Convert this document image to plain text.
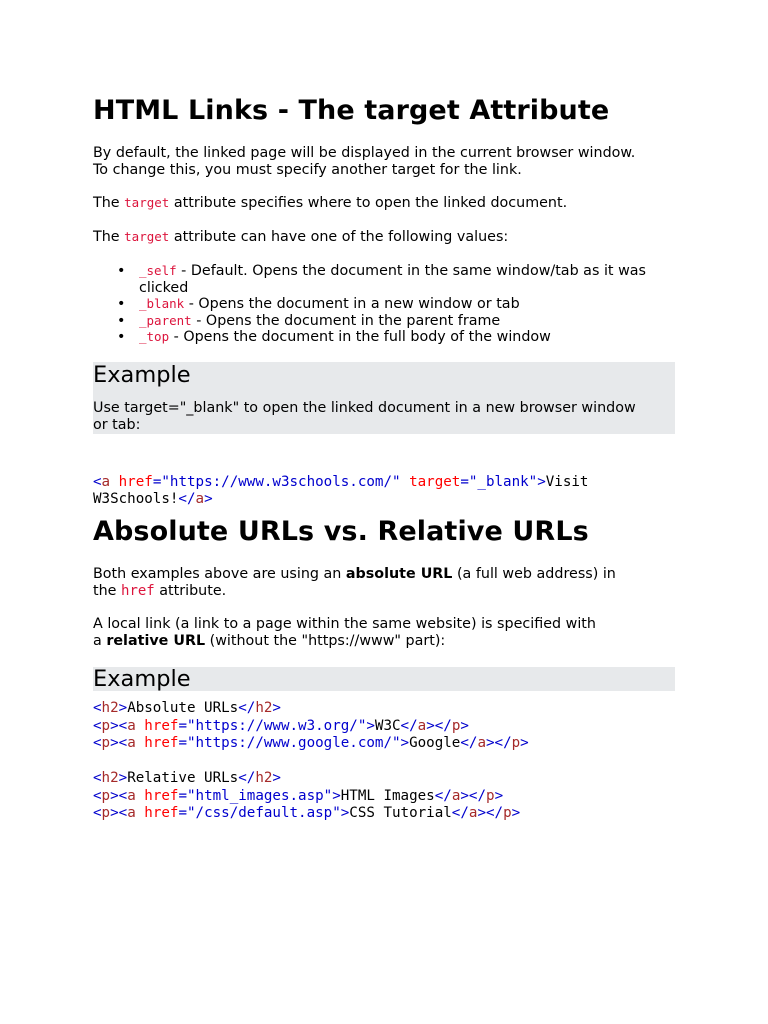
HTML Links - The target Attribute

By default, the linked page will be displayed in the current browser window.

To change this, you must specify another target for the link.

The target attribute specifies where to open the linked document.

The target attribute can have one of the following values:

• _self - Default. Opens the document in the same window/tab as it was
clicked
• _blank - Opens the document in a new window or tab
• _parent - Opens the document in the parent frame
• _top - Opens the document in the full body of the window
Example

Use target="_blank" to open the linked document in a new browser window

or tab:

<a href="https://www.w3schools.com/" target="_blank">Visit
W3Schools!</a>
Absolute URLs vs. Relative URLs

Both examples above are using an absolute URL (a full web address) in

the href attribute.

A local link (a link to a page within the same website) is specified with

a relative URL (without the "https://www" part):

Example
<h2>Absolute URLs</h2>
<p><a href="https://www.w3.org/">W3C</a></p>
<p><a href="https://www.google.com/">Google</a></p>

<h2>Relative URLs</h2>
<p><a href="html_images.asp">HTML Images</a></p>
<p><a href="/css/default.asp">CSS Tutorial</a></p>
